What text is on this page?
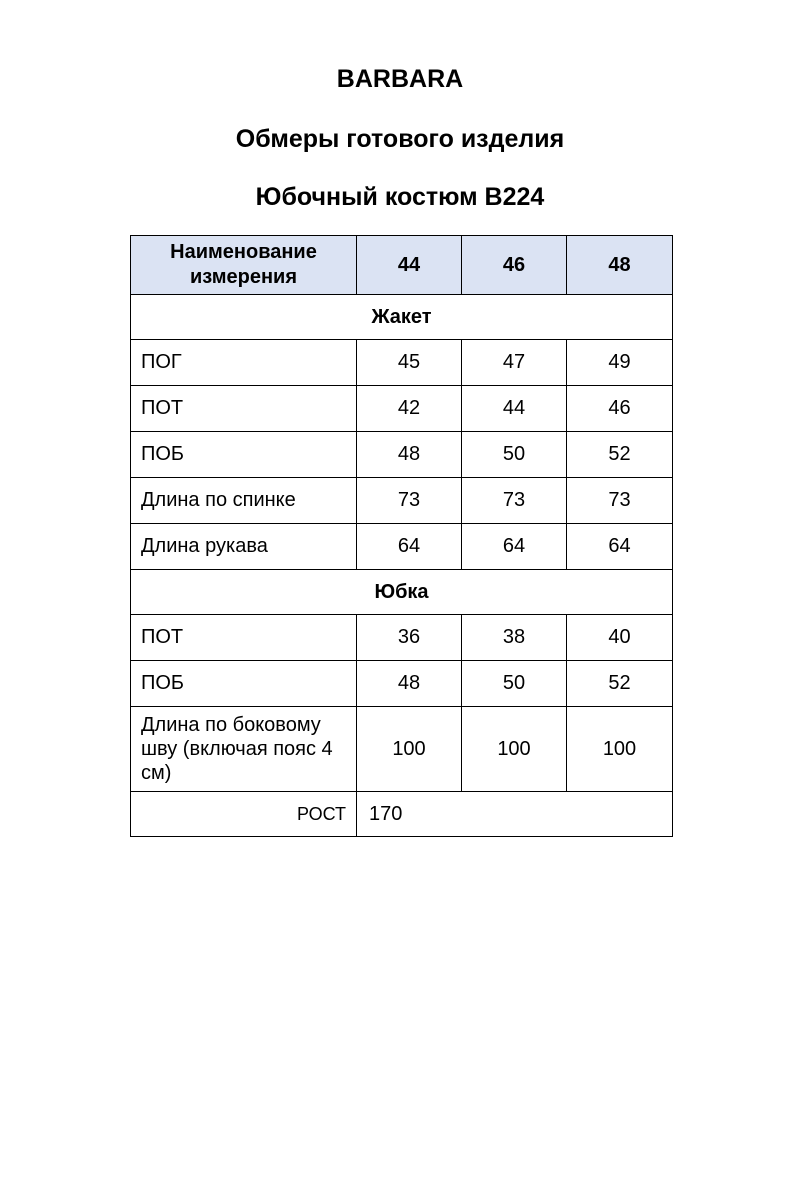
BARBARA
Обмеры готового изделия
Юбочный костюм B224
Наименование измерения	44	46	48
Жакет			
ПОГ	45	47	49
ПОТ	42	44	46
ПОБ	48	50	52
Длина по спинке	73	73	73
Длина рукава	64	64	64
Юбка			
ПОТ	36	38	40
ПОБ	48	50	52
Длина по боковому шву (включая пояс 4 см)	100	100	100
РОСТ	170		
